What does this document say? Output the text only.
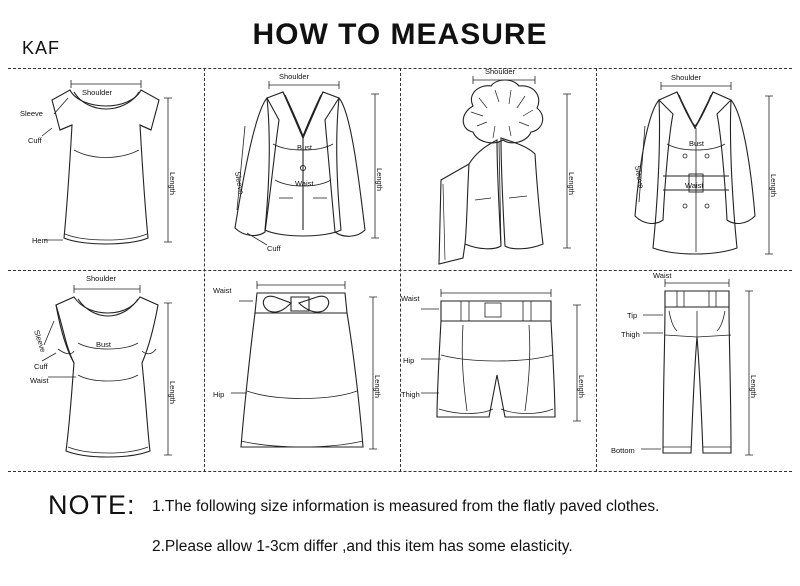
HOW TO MEASURE
KAF
Shoulder
Sleeve
Cuff
Length
Hem
Shoulder
Sleeve
Bust
Waist	Length
Cuff
Shoulder
Length
Shoulder
Sleeve
Bust
Waist	Length
Shoulder
Sleeve	Bust
Cuff
Waist
Length
Waist
Hip	Length
Waist
Hip
Thigh	Length
Waist
Tip
Thigh
Length
Bottom
NOTE: 1.The following size information is measured from the flatly paved clothes.
2.Please allow 1-3cm differ ,and this item has some elasticity.
